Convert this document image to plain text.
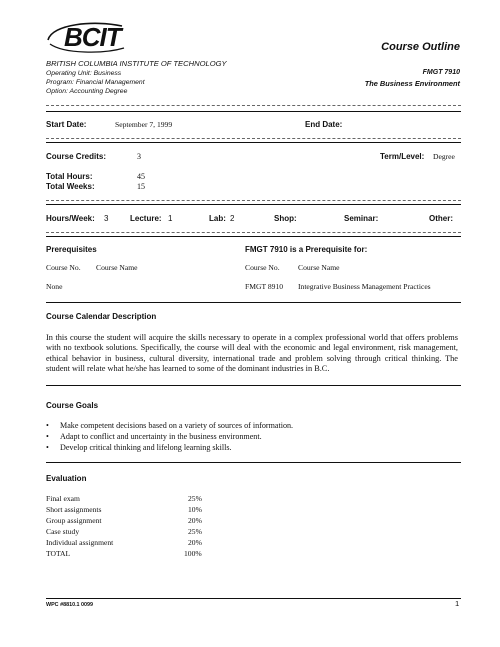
BCIT
BRITISH COLUMBIA INSTITUTE OF TECHNOLOGY
Operating Unit: Business
Program: Financial Management
Option: Accounting Degree
Course Outline
FMGT 7910
The Business Environment
Start Date:	September 7, 1999	End Date:
Course Credits:	3	Term/Level: Degree
Total Hours:	45
Total Weeks:	15
Hours/Week: 3	Lecture: 1	Lab: 2	Shop:	Seminar:	Other:
Prerequisites	FMGT 7910 is a Prerequisite for:
Course No. Course Name	Course No. Course Name
None	FMGT 8910 Integrative Business Management Practices
Course Calendar Description
In this course the student will acquire the skills necessary to operate in a complex professional world that offers problems with no textbook solutions. Specifically, the course will deal with the economic and legal environment, risk management, ethical behavior in business, cultural diversity, international trade and problem solving through critical thinking. The student will relate what he/she has learned to some of the dominant industries in B.C.
Course Goals
• Make competent decisions based on a variety of sources of information.
• Adapt to conflict and uncertainty in the business environment.
• Develop critical thinking and lifelong learning skills.
Evaluation
Final exam	25%
Short assignments	10%
Group assignment	20%
Case study	25%
Individual assignment	20%
TOTAL	100%
WPC #8810.1 0099	1
